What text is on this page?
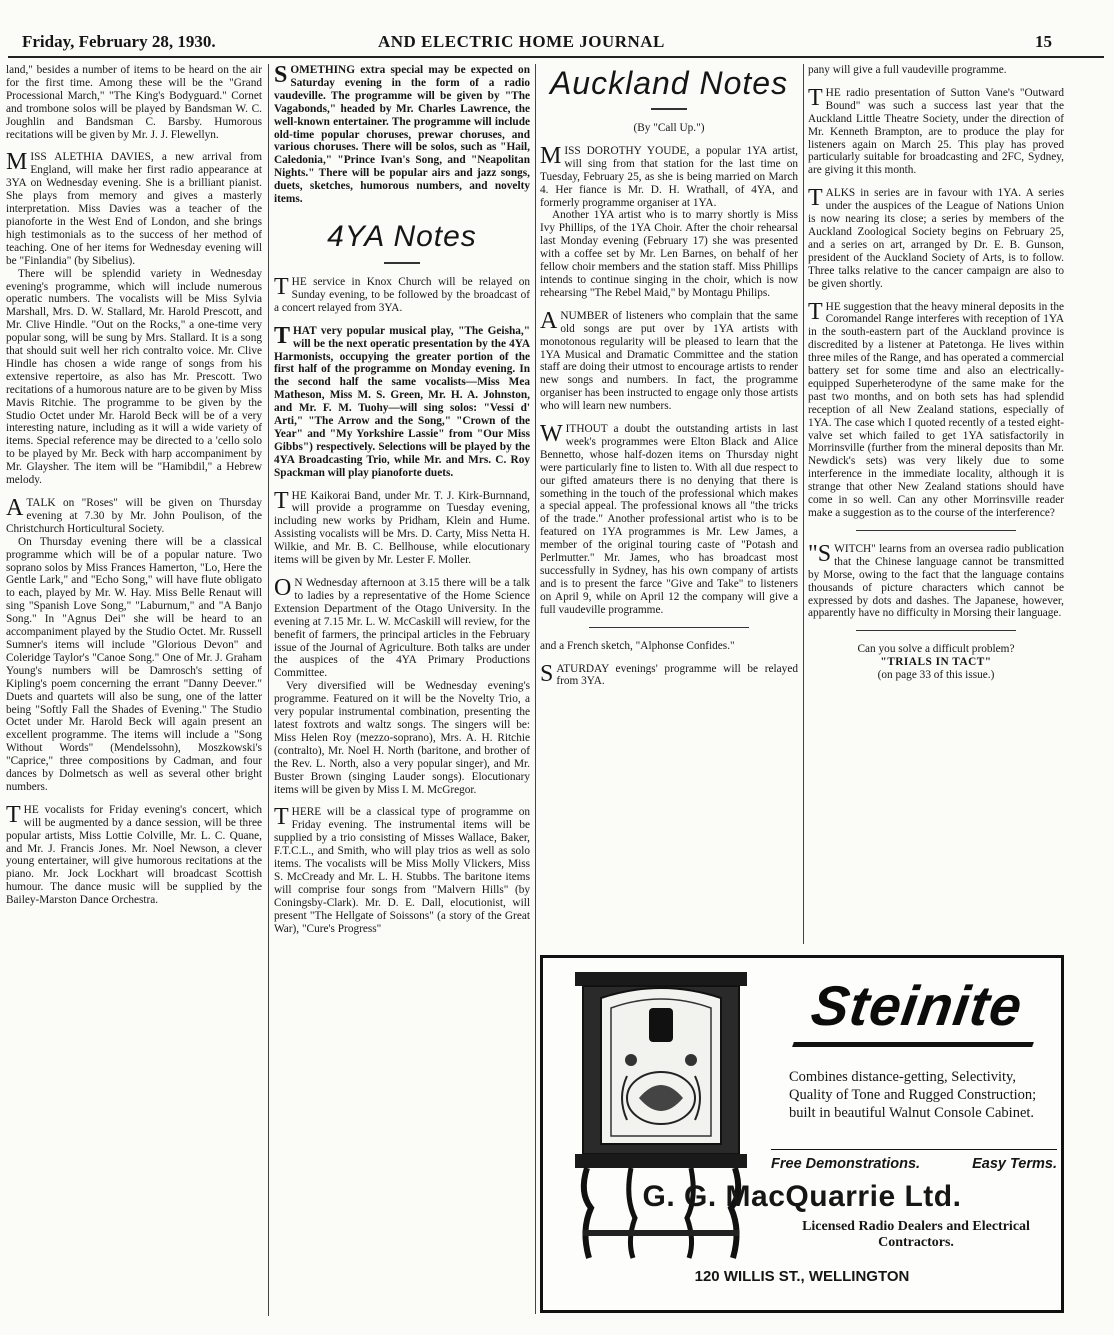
Friday, February 28, 1930.	AND ELECTRIC HOME JOURNAL	15

land," besides a number of items to be heard on the air for the first time. Among these will be the "Grand Processional March," "The King's Bodyguard." Cornet and trombone solos will be played by Bandsman W. C. Joughlin and Bandsman C. Barsby. Humorous recitations will be given by Mr. J. J. Flewellyn.

MISS ALETHIA DAVIES, a new arrival from England, will make her first radio appearance at 3YA on Wednesday evening. She is a brilliant pianist. She plays from memory and gives a masterly interpretation. Miss Davies was a teacher of the pianoforte in the West End of London, and she brings high testimonials as to the success of her method of teaching. One of her items for Wednesday evening will be "Finlandia" (by Sibelius).

There will be splendid variety in Wednesday evening's programme, which will include numerous operatic numbers. The vocalists will be Miss Sylvia Marshall, Mrs. D. W. Stallard, Mr. Harold Prescott, and Mr. Clive Hindle. "Out on the Rocks," a one-time very popular song, will be sung by Mrs. Stallard. It is a song that should suit well her rich contralto voice. Mr. Clive Hindle has chosen a wide range of songs from his extensive repertoire, as also has Mr. Prescott. Two recitations of a humorous nature are to be given by Miss Mavis Ritchie. The programme to be given by the Studio Octet under Mr. Harold Beck will be of a very interesting nature, including as it will a wide variety of items. Special reference may be directed to a 'cello solo to be played by Mr. Beck with harp accompaniment by Mr. Glaysher. The item will be "Hamibdil," a Hebrew melody.

ATALK on "Roses" will be given on Thursday evening at 7.30 by Mr. John Poulison, of the Christchurch Horticultural Society.

On Thursday evening there will be a classical programme which will be of a popular nature. Two soprano solos by Miss Frances Hamerton, "Lo, Here the Gentle Lark," and "Echo Song," will have flute obligato to each, played by Mr. W. Hay. Miss Belle Renaut will sing "Spanish Love Song," "Laburnum," and "A Banjo Song." In "Agnus Dei" she will be heard to an accompaniment played by the Studio Octet. Mr. Russell Sumner's items will include "Glorious Devon" and Coleridge Taylor's "Canoe Song." One of Mr. J. Graham Young's numbers will be Damrosch's setting of Kipling's poem concerning the errant "Danny Deever." Duets and quartets will also be sung, one of the latter being "Softly Fall the Shades of Evening." The Studio Octet under Mr. Harold Beck will again present an excellent programme. The items will include a "Song Without Words" (Mendelssohn), Moszkowski's "Caprice," three compositions by Cadman, and four dances by Dolmetsch as well as several other bright numbers.

THE vocalists for Friday evening's concert, which will be augmented by a dance session, will be three popular artists, Miss Lottie Colville, Mr. L. C. Quane, and Mr. J. Francis Jones. Mr. Noel Newson, a clever young entertainer, will give humorous recitations at the piano. Mr. Jock Lockhart will broadcast Scottish humour. The dance music will be supplied by the Bailey-Marston Dance Orchestra.

SOMETHING extra special may be expected on Saturday evening in the form of a radio vaudeville. The programme will be given by "The Vagabonds," headed by Mr. Charles Lawrence, the well-known entertainer. The programme will include old-time popular choruses, prewar choruses, and various choruses. There will be solos, such as "Hail, Caledonia," "Prince Ivan's Song, and "Neapolitan Nights." There will be popular airs and jazz songs, duets, sketches, humorous numbers, and novelty items.

4YA Notes

THE service in Knox Church will be relayed on Sunday evening, to be followed by the broadcast of a concert relayed from 3YA.

THAT very popular musical play, "The Geisha," will be the next operatic presentation by the 4YA Harmonists, occupying the greater portion of the first half of the programme on Monday evening. In the second half the same vocalists—Miss Mea Matheson, Miss M. S. Green, Mr. H. A. Johnston, and Mr. F. M. Tuohy—will sing solos: "Vessi d' Arti," "The Arrow and the Song," "Crown of the Year" and "My Yorkshire Lassie" from "Our Miss Gibbs") respectively. Selections will be played by the 4YA Broadcasting Trio, while Mr. and Mrs. C. Roy Spackman will play pianoforte duets.

THE Kaikorai Band, under Mr. T. J. Kirk-Burnnand, will provide a programme on Tuesday evening, including new works by Pridham, Klein and Hume. Assisting vocalists will be Mrs. D. Carty, Miss Netta H. Wilkie, and Mr. B. C. Bellhouse, while elocutionary items will be given by Mr. Lester F. Moller.

ON Wednesday afternoon at 3.15 there will be a talk to ladies by a representative of the Home Science Extension Department of the Otago University. In the evening at 7.15 Mr. L. W. McCaskill will review, for the benefit of farmers, the principal articles in the February issue of the Journal of Agriculture. Both talks are under the auspices of the 4YA Primary Productions Committee.

Very diversified will be Wednesday evening's programme. Featured on it will be the Novelty Trio, a very popular instrumental combination, presenting the latest foxtrots and waltz songs. The singers will be: Miss Helen Roy (mezzo-soprano), Mrs. A. H. Ritchie (contralto), Mr. Noel H. North (baritone, and brother of the Rev. L. North, also a very popular singer), and Mr. Buster Brown (singing Lauder songs). Elocutionary items will be given by Miss I. M. McGregor.

THERE will be a classical type of programme on Friday evening. The instrumental items will be supplied by a trio consisting of Misses Wallace, Baker, F.T.C.L., and Smith, who will play trios as well as solo items. The vocalists will be Miss Molly Vlickers, Miss S. McCready and Mr. L. H. Stubbs. The baritone items will comprise four songs from "Malvern Hills" (by Coningsby-Clark). Mr. D. E. Dall, elocutionist, will present "The Hellgate of Soissons" (a story of the Great War), "Cure's Progress"

Auckland Notes
(By "Call Up.")

MISS DOROTHY YOUDE, a popular 1YA artist, will sing from that station for the last time on Tuesday, February 25, as she is being married on March 4. Her fiance is Mr. D. H. Wrathall, of 4YA, and formerly programme organiser at 1YA.

Another 1YA artist who is to marry shortly is Miss Ivy Phillips, of the 1YA Choir. After the choir rehearsal last Monday evening (February 17) she was presented with a coffee set by Mr. Len Barnes, on behalf of her fellow choir members and the station staff. Miss Phillips intends to continue singing in the choir, which is now rehearsing "The Rebel Maid," by Montagu Philips.

ANUMBER of listeners who complain that the same old songs are put over by 1YA artists with monotonous regularity will be pleased to learn that the 1YA Musical and Dramatic Committee and the station staff are doing their utmost to encourage artists to render new songs and numbers. In fact, the programme organiser has been instructed to engage only those artists who will learn new numbers.

WITHOUT a doubt the outstanding artists in last week's programmes were Elton Black and Alice Bennetto, whose half-dozen items on Thursday night were particularly fine to listen to. With all due respect to our gifted amateurs there is no denying that there is something in the touch of the professional which makes a special appeal. The professional knows all "the tricks of the trade." Another professional artist who is to be featured on 1YA programmes is Mr. Lew James, a member of the original touring caste of "Potash and Perlmutter." Mr. James, who has broadcast most successfully in Sydney, has his own company of artists and is to present the farce "Give and Take" to listeners on April 9, while on April 12 the company will give a full vaudeville programme.

and a French sketch, "Alphonse Confides."

SATURDAY evenings' programme will be relayed from 3YA.

pany will give a full vaudeville programme.

THE radio presentation of Sutton Vane's "Outward Bound" was such a success last year that the Auckland Little Theatre Society, under the direction of Mr. Kenneth Brampton, are to produce the play for listeners again on March 25. This play has proved particularly suitable for broadcasting and 2FC, Sydney, are giving it this month.

TALKS in series are in favour with 1YA. A series under the auspices of the League of Nations Union is now nearing its close; a series by members of the Auckland Zoological Society begins on February 25, and a series on art, arranged by Dr. E. B. Gunson, president of the Auckland Society of Arts, is to follow. Three talks relative to the cancer campaign are also to be given shortly.

THE suggestion that the heavy mineral deposits in the Coromandel Range interferes with reception of 1YA in the south-eastern part of the Auckland province is discredited by a listener at Patetonga. He lives within three miles of the Range, and has operated a commercial battery set for some time and also an electrically-equipped Superheterodyne of the same make for the past two months, and on both sets has had splendid reception of all New Zealand stations, especially of 1YA. The case which I quoted recently of a tested eight-valve set which failed to get 1YA satisfactorily in Morrinsville (further from the mineral deposits than Mr. Newdick's sets) was very likely due to some interference in the immediate locality, although it is strange that other New Zealand stations should have come in so well. Can any other Morrinsville reader make a suggestion as to the course of the interference?

"SWITCH" learns from an oversea radio publication that the Chinese language cannot be transmitted by Morse, owing to the fact that the language contains thousands of picture characters which cannot be expressed by dots and dashes. The Japanese, however, apparently have no difficulty in Morsing their language.

Can you solve a difficult problem?
"TRIALS IN TACT"
(on page 33 of this issue.)
Steinite
Combines distance-getting, Selectivity, Quality of Tone and Rugged Construction; built in beautiful Walnut Console Cabinet.
Free Demonstrations.	Easy Terms.
G. G. MacQuarrie Ltd.
Licensed Radio Dealers and Electrical Contractors.
120 WILLIS ST., WELLINGTON
